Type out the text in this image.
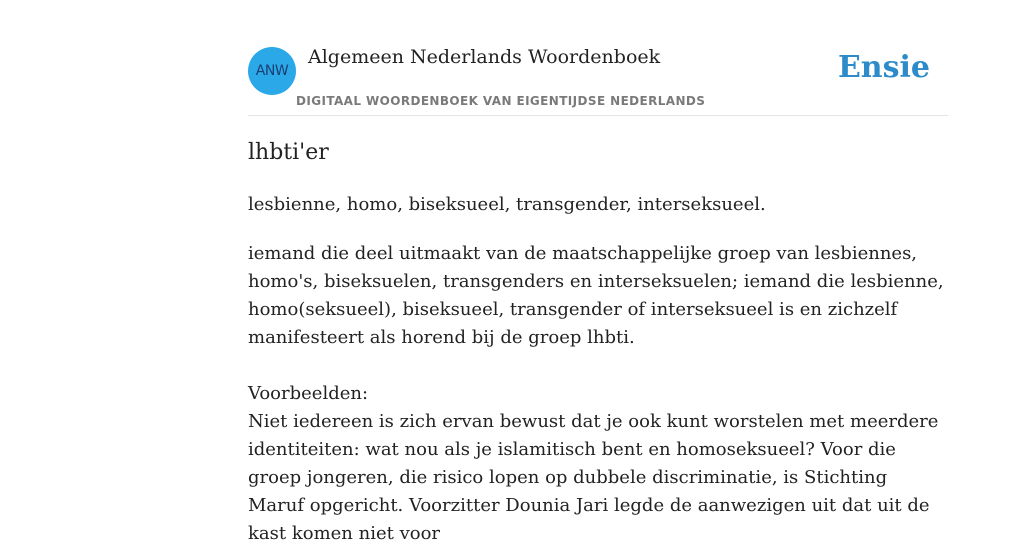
ANW
Algemeen Nederlands Woordenboek
DIGITAAL WOORDENBOEK VAN EIGENTIJDSE NEDERLANDS
Ensie
lhbti'er
lesbienne, homo, biseksueel, transgender, interseksueel.
iemand die deel uitmaakt van de maatschappelijke groep van lesbiennes, homo's, biseksuelen, transgenders en interseksuelen; iemand die lesbienne, homo(seksueel), biseksueel, transgender of interseksueel is en zichzelf manifesteert als horend bij de groep lhbti.
Voorbeelden:
Niet iedereen is zich ervan bewust dat je ook kunt worstelen met meerdere identiteiten: wat nou als je islamitisch bent en homoseksueel? Voor die groep jongeren, die risico lopen op dubbele discriminatie, is Stichting Maruf opgericht. Voorzitter Dounia Jari legde de aanwezigen uit dat uit de kast komen niet voor
